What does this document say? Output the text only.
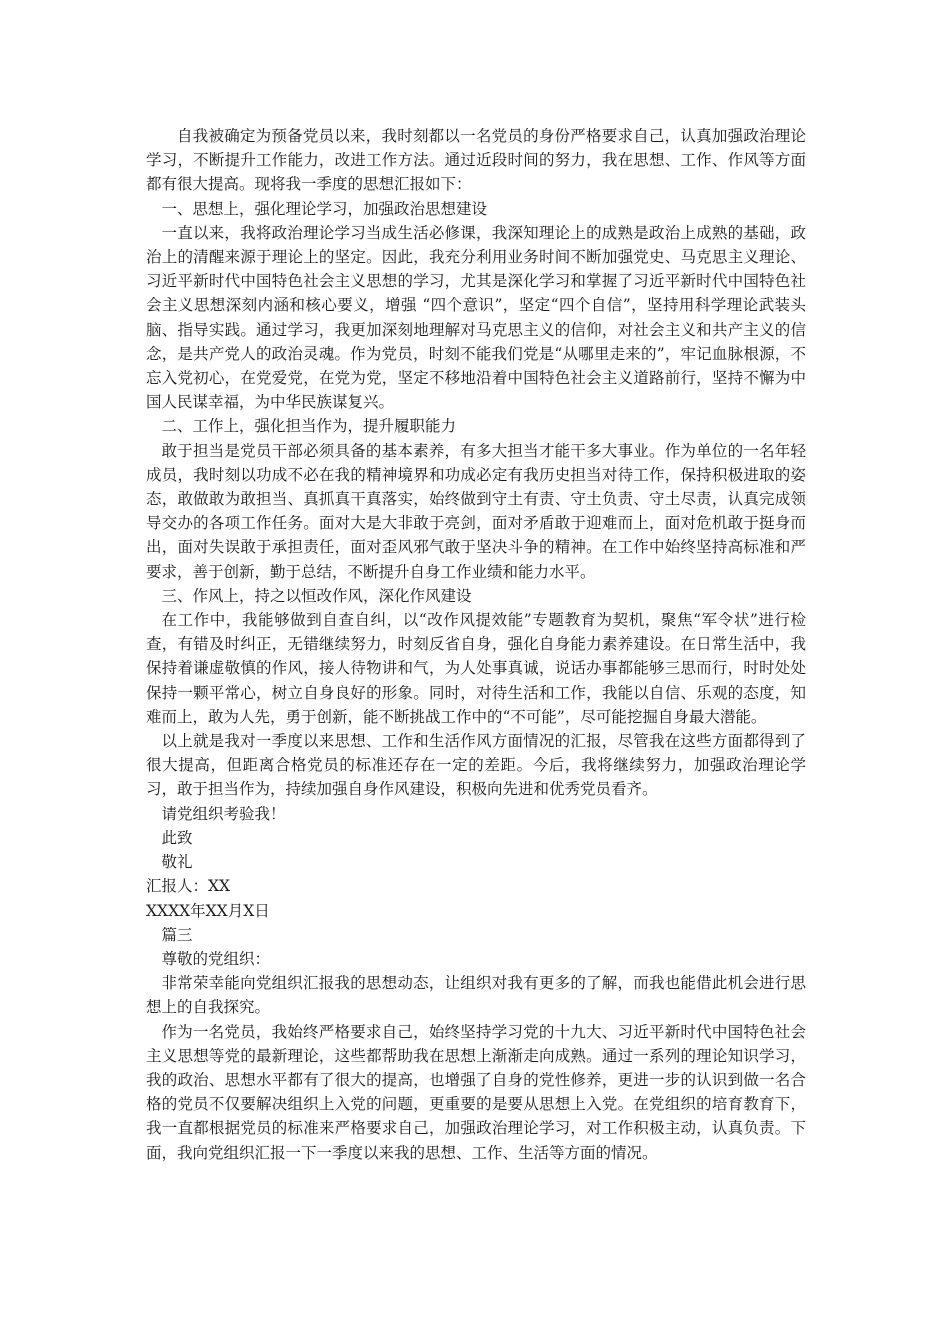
自我被确定为预备党员以来，我时刻都以一名党员的身份严格要求自己，认真加强政治理论学习，不断提升工作能力，改进工作方法。通过近段时间的努力，我在思想、工作、作风等方面都有很大提高。现将我一季度的思想汇报如下：

一、思想上，强化理论学习，加强政治思想建设

一直以来，我将政治理论学习当成生活必修课，我深知理论上的成熟是政治上成熟的基础，政治上的清醒来源于理论上的坚定。因此，我充分利用业务时间不断加强党史、马克思主义理论、习近平新时代中国特色社会主义思想的学习，尤其是深化学习和掌握了习近平新时代中国特色社会主义思想深刻内涵和核心要义，增强 “四个意识”，坚定“四个自信”，坚持用科学理论武装头脑、指导实践。通过学习，我更加深刻地理解对马克思主义的信仰，对社会主义和共产主义的信念，是共产党人的政治灵魂。作为党员，时刻不能我们党是“从哪里走来的”，牢记血脉根源，不忘入党初心，在党爱党，在党为党，坚定不移地沿着中国特色社会主义道路前行，坚持不懈为中国人民谋幸福，为中华民族谋复兴。

二、工作上，强化担当作为，提升履职能力

敢于担当是党员干部必须具备的基本素养，有多大担当才能干多大事业。作为单位的一名年轻成员，我时刻以功成不必在我的精神境界和功成必定有我历史担当对待工作，保持积极进取的姿态，敢做敢为敢担当、真抓真干真落实，始终做到守土有责、守土负责、守土尽责，认真完成领导交办的各项工作任务。面对大是大非敢于亮剑，面对矛盾敢于迎难而上，面对危机敢于挺身而出，面对失误敢于承担责任，面对歪风邪气敢于坚决斗争的精神。在工作中始终坚持高标准和严要求，善于创新，勤于总结，不断提升自身工作业绩和能力水平。

三、作风上，持之以恒改作风，深化作风建设

在工作中，我能够做到自查自纠，以“改作风提效能”专题教育为契机，聚焦“军令状”进行检查，有错及时纠正，无错继续努力，时刻反省自身，强化自身能力素养建设。在日常生活中，我保持着谦虚敬慎的作风，接人待物讲和气，为人处事真诚，说话办事都能够三思而行，时时处处保持一颗平常心，树立自身良好的形象。同时，对待生活和工作，我能以自信、乐观的态度，知难而上，敢为人先，勇于创新，能不断挑战工作中的“不可能”，尽可能挖掘自身最大潜能。

以上就是我对一季度以来思想、工作和生活作风方面情况的汇报，尽管我在这些方面都得到了很大提高，但距离合格党员的标准还存在一定的差距。今后，我将继续努力，加强政治理论学习，敢于担当作为，持续加强自身作风建设，积极向先进和优秀党员看齐。

请党组织考验我！

此致

敬礼

汇报人：XX

XXXX年XX月X日

篇三

尊敬的党组织：

非常荣幸能向党组织汇报我的思想动态，让组织对我有更多的了解，而我也能借此机会进行思想上的自我探究。

作为一名党员，我始终严格要求自己，始终坚持学习党的十九大、习近平新时代中国特色社会主义思想等党的最新理论，这些都帮助我在思想上渐渐走向成熟。通过一系列的理论知识学习，我的政治、思想水平都有了很大的提高，也增强了自身的党性修养，更进一步的认识到做一名合格的党员不仅要解决组织上入党的问题，更重要的是要从思想上入党。在党组织的培育教育下，我一直都根据党员的标准来严格要求自己，加强政治理论学习，对工作积极主动，认真负责。下面，我向党组织汇报一下一季度以来我的思想、工作、生活等方面的情况。
